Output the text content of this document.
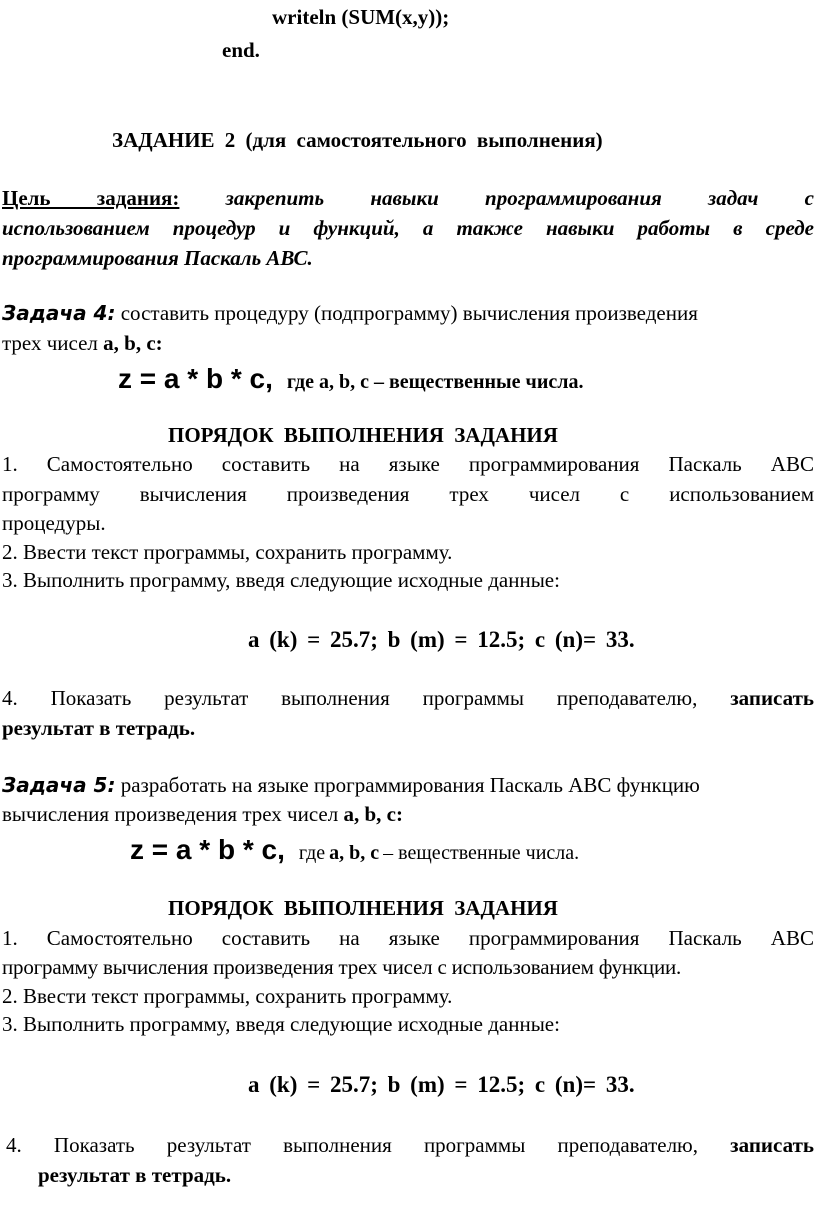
writeln (SUM(x,y));
end.
ЗАДАНИЕ 2 (для самостоятельного выполнения)
Цель задания: закрепить навыки программирования задач с
использованием процедур и функций, а также навыки работы в среде
программирования Паскаль АВС.
Задача 4: составить процедуру (подпрограмму) вычисления произведения
трех чисел a, b, c:
z = a * b * c, где a, b, c – вещественные числа.
ПОРЯДОК ВЫПОЛНЕНИЯ ЗАДАНИЯ
1. Самостоятельно составить на языке программирования Паскаль АВС
программу вычисления произведения трех чисел с использованием
процедуры.
2. Ввести текст программы, сохранить программу.
3. Выполнить программу, введя следующие исходные данные:
a (k) = 25.7; b (m) = 12.5; c (n)= 33.
4. Показать результат выполнения программы преподавателю, записать
результат в тетрадь.
Задача 5: разработать на языке программирования Паскаль АВС функцию
вычисления произведения трех чисел a, b, c:
z = a * b * c, где a, b, c – вещественные числа.
ПОРЯДОК ВЫПОЛНЕНИЯ ЗАДАНИЯ
1. Самостоятельно составить на языке программирования Паскаль АВС
программу вычисления произведения трех чисел с использованием функции.
2. Ввести текст программы, сохранить программу.
3. Выполнить программу, введя следующие исходные данные:
a (k) = 25.7; b (m) = 12.5; c (n)= 33.
4. Показать результат выполнения программы преподавателю, записать
результат в тетрадь.
